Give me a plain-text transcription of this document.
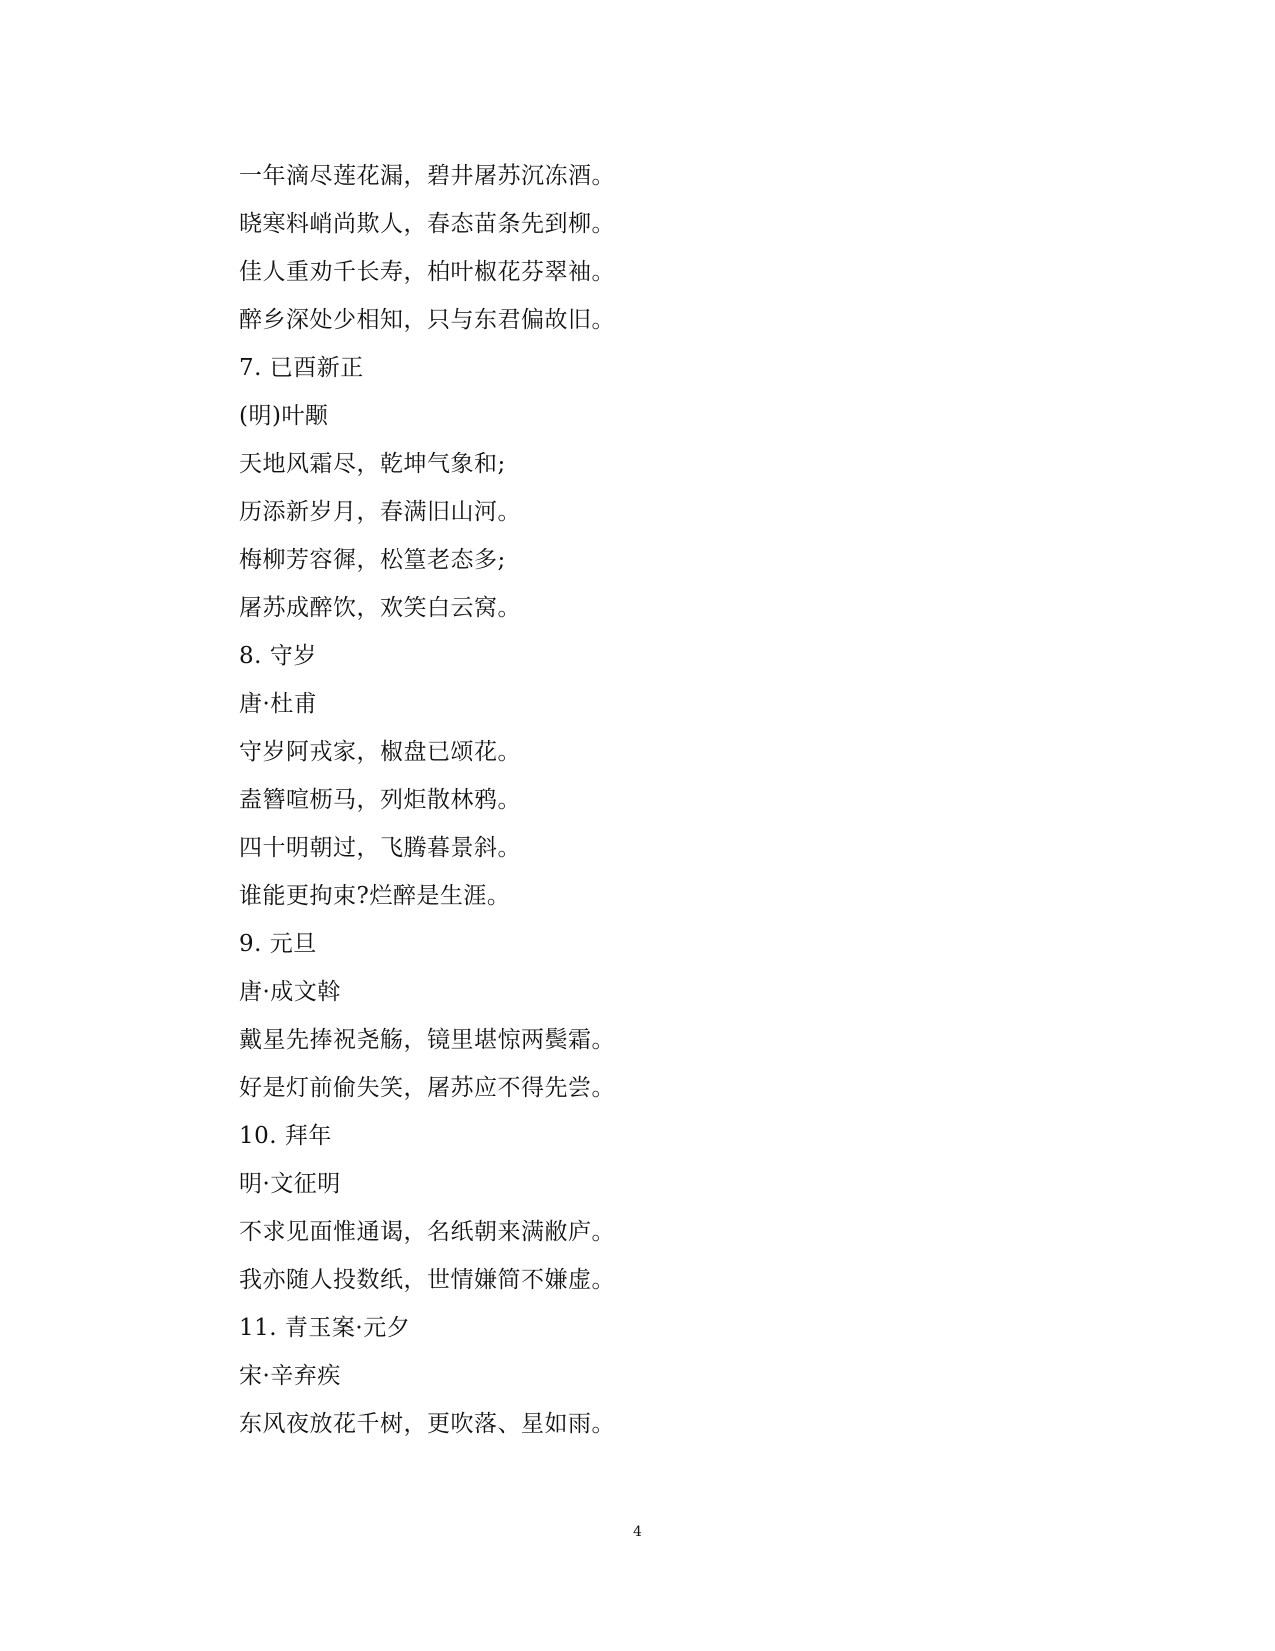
一年滴尽莲花漏，碧井屠苏沉冻酒。
晓寒料峭尚欺人，春态苗条先到柳。
佳人重劝千长寿，柏叶椒花芬翠袖。
醉乡深处少相知，只与东君偏故旧。
7. 已酉新正
(明)叶颙
天地风霜尽，乾坤气象和;
历添新岁月，春满旧山河。
梅柳芳容徲，松篁老态多;
屠苏成醉饮，欢笑白云窝。
8. 守岁
唐·杜甫
守岁阿戎家，椒盘已颂花。
盍簪喧枥马，列炬散林鸦。
四十明朝过，飞腾暮景斜。
谁能更拘束?烂醉是生涯。
9. 元旦
唐·成文斡
戴星先捧祝尧觞，镜里堪惊两鬓霜。
好是灯前偷失笑，屠苏应不得先尝。
10. 拜年
明·文征明
不求见面惟通谒，名纸朝来满敝庐。
我亦随人投数纸，世情嫌简不嫌虚。
11. 青玉案·元夕
宋·辛弃疾
东风夜放花千树，更吹落、星如雨。
4
